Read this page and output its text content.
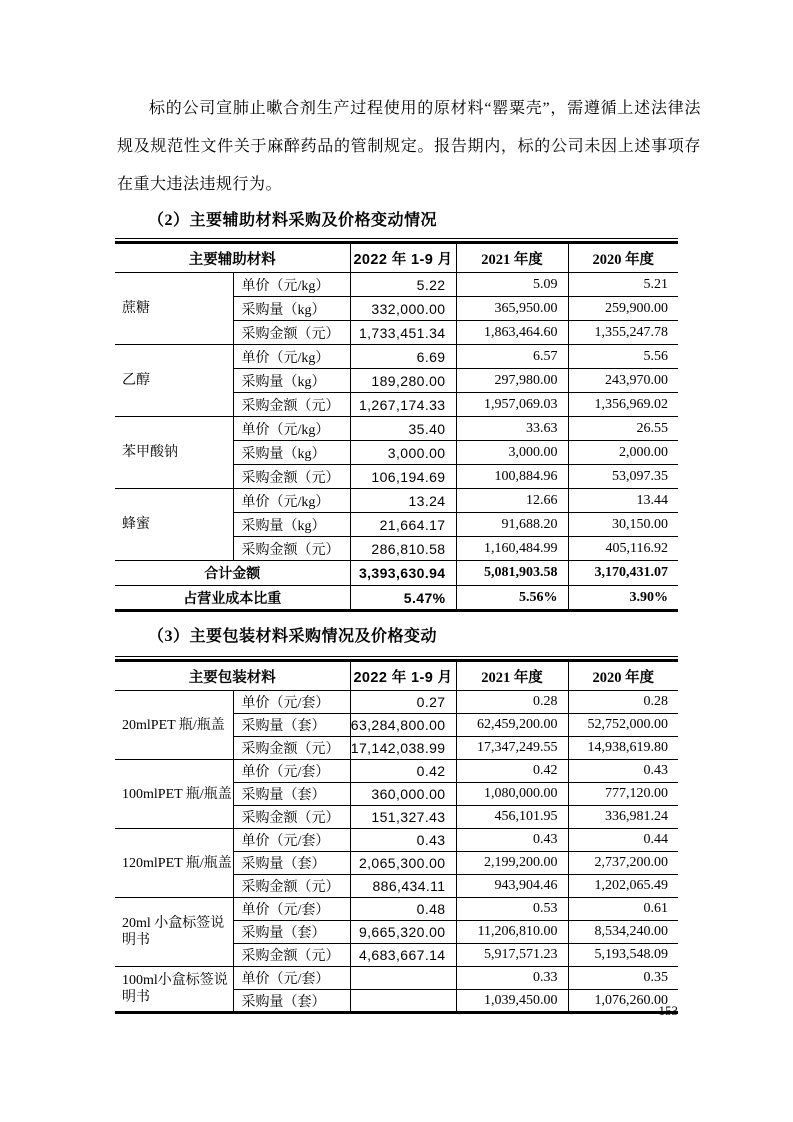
标的公司宣肺止嗽合剂生产过程使用的原材料“罂粟壳”，需遵循上述法律法规及规范性文件关于麻醉药品的管制规定。报告期内，标的公司未因上述事项存在重大违法违规行为。

（2）主要辅助材料采购及价格变动情况
主要辅助材料		2022 年 1-9 月	2021 年度	2020 年度
蔗糖	单价（元/kg）	5.22	5.09	5.21
	采购量（kg）	332,000.00	365,950.00	259,900.00
	采购金额（元）	1,733,451.34	1,863,464.60	1,355,247.78
乙醇	单价（元/kg）	6.69	6.57	5.56
	采购量（kg）	189,280.00	297,980.00	243,970.00
	采购金额（元）	1,267,174.33	1,957,069.03	1,356,969.02
苯甲酸钠	单价（元/kg）	35.40	33.63	26.55
	采购量（kg）	3,000.00	3,000.00	2,000.00
	采购金额（元）	106,194.69	100,884.96	53,097.35
蜂蜜	单价（元/kg）	13.24	12.66	13.44
	采购量（kg）	21,664.17	91,688.20	30,150.00
	采购金额（元）	286,810.58	1,160,484.99	405,116.92
合计金额		3,393,630.94	5,081,903.58	3,170,431.07
占营业成本比重		5.47%	5.56%	3.90%
（3）主要包装材料采购情况及价格变动
主要包装材料		2022 年 1-9 月	2021 年度	2020 年度
20mlPET 瓶/瓶盖	单价（元/套）	0.27	0.28	0.28
	采购量（套）	63,284,800.00	62,459,200.00	52,752,000.00
	采购金额（元）	17,142,038.99	17,347,249.55	14,938,619.80
100mlPET 瓶/瓶盖	单价（元/套）	0.42	0.42	0.43
	采购量（套）	360,000.00	1,080,000.00	777,120.00
	采购金额（元）	151,327.43	456,101.95	336,981.24
120mlPET 瓶/瓶盖	单价（元/套）	0.43	0.43	0.44
	采购量（套）	2,065,300.00	2,199,200.00	2,737,200.00
	采购金额（元）	886,434.11	943,904.46	1,202,065.49
20ml 小盒标签说明书	单价（元/套）	0.48	0.53	0.61
	采购量（套）	9,665,320.00	11,206,810.00	8,534,240.00
	采购金额（元）	4,683,667.14	5,917,571.23	5,193,548.09
100ml小盒标签说明书	单价（元/套）		0.33	0.35
	采购量（套）		1,039,450.00	1,076,260.00
153
